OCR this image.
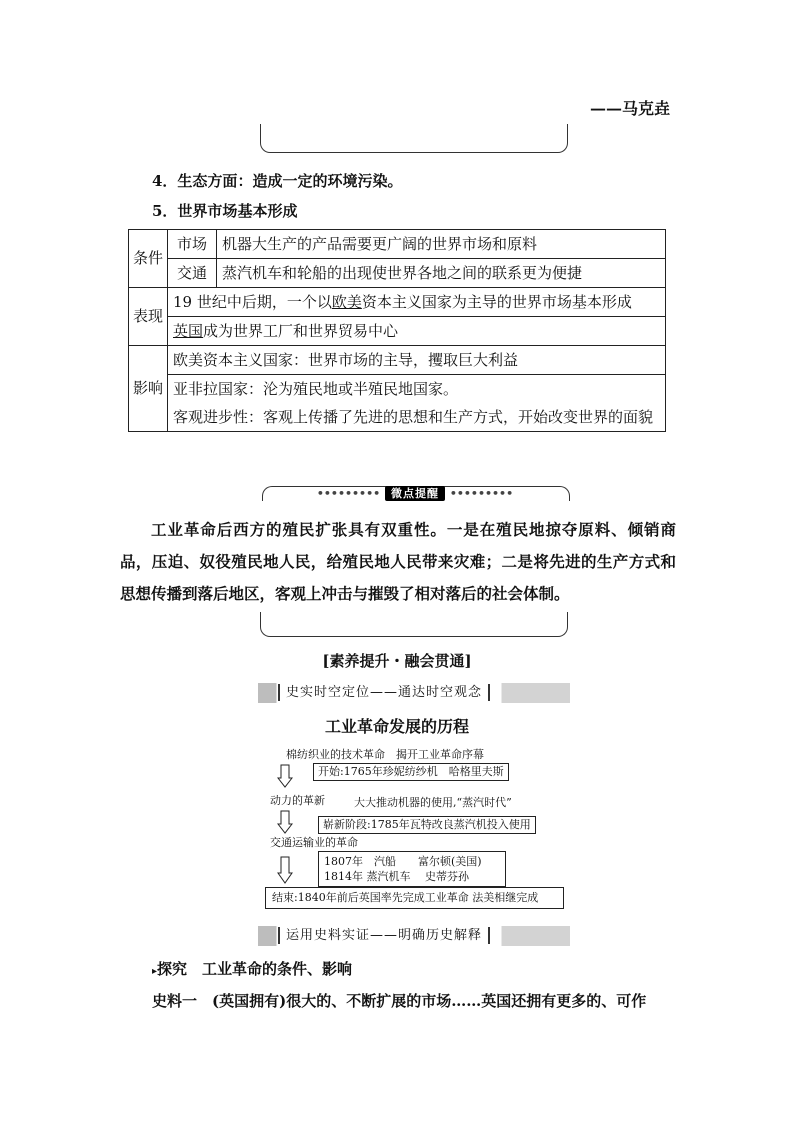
——马克垚
4．生态方面：造成一定的环境污染。
5．世界市场基本形成
条件	市场	机器大生产的产品需要更广阔的世界市场和原料
	交通	蒸汽机车和轮船的出现使世界各地之间的联系更为便捷
表现	19 世纪中后期，一个以欧美资本主义国家为主导的世界市场基本形成	
	英国成为世界工厂和世界贸易中心	
影响	欧美资本主义国家：世界市场的主导，攫取巨大利益	
	亚非拉国家：沦为殖民地或半殖民地国家。	
	客观进步性：客观上传播了先进的思想和生产方式，开始改变世界的面貌	
••••••••• 微点提醒 •••••••••
工业革命后西方的殖民扩张具有双重性。一是在殖民地掠夺原料、倾销商品，压迫、奴役殖民地人民，给殖民地人民带来灾难；二是将先进的生产方式和思想传播到落后地区，客观上冲击与摧毁了相对落后的社会体制。
[素养提升・融会贯通]
史实时空定位——通达时空观念
工业革命发展的历程
棉纺织业的技术革命　揭开工业革命序幕
开始:1765年珍妮纺纱机　哈格里夫斯
动力的革新	大大推动机器的使用,“蒸汽时代”
崭新阶段:1785年瓦特改良蒸汽机投入使用
交通运输业的革命
1807年　汽船　　富尔顿(美国)
1814年 蒸汽机车　 史蒂芬孙
结束:1840年前后英国率先完成工业革命 法美相继完成
运用史料实证——明确历史解释
▸探究　工业革命的条件、影响
史料一　(英国拥有)很大的、不断扩展的市场……英国还拥有更多的、可作
